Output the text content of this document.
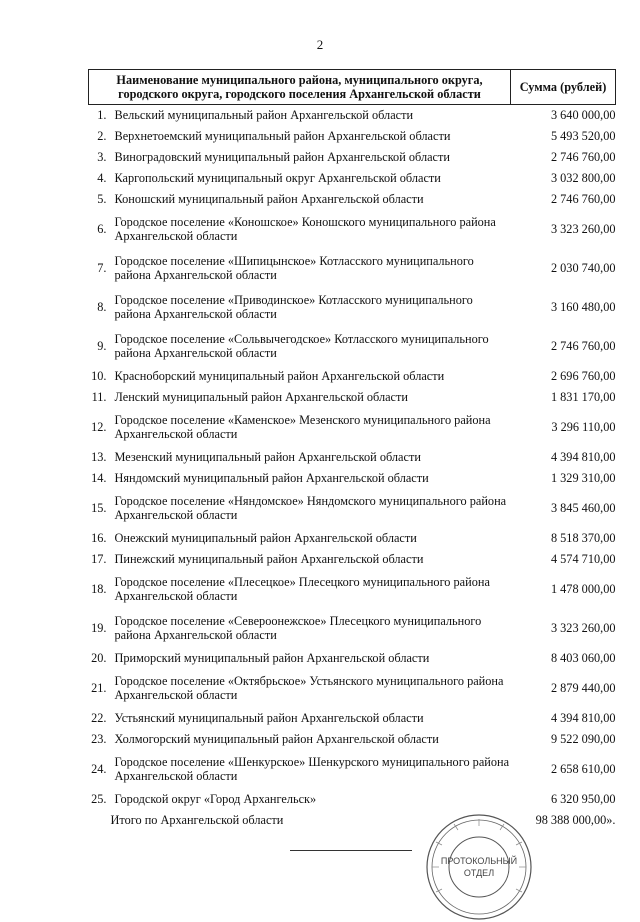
2
Наименование муниципального района, муниципального округа, городского округа, городского поселения Архангельской области		Сумма (рублей)

1.	Вельский муниципальный район Архангельской области	3 640 000,00

2.	Верхнетоемский муниципальный район Архангельской области	5 493 520,00

3.	Виноградовский муниципальный район Архангельской области	2 746 760,00

4.	Каргопольский муниципальный округ Архангельской области	3 032 800,00

5.	Коношский муниципальный район Архангельской области	2 746 760,00

6.	Городское поселение «Коношское» Коношского муниципального района Архангельской области	3 323 260,00

7.	Городское поселение «Шипицынское» Котласского муниципального района Архангельской области	2 030 740,00

8.	Городское поселение «Приводинское» Котласского муниципального района Архангельской области	3 160 480,00

9.	Городское поселение «Сольвычегодское» Котласского муниципального района Архангельской области	2 746 760,00

10.	Красноборский муниципальный район Архангельской области	2 696 760,00

11.	Ленский муниципальный район Архангельской области	1 831 170,00

12.	Городское поселение «Каменское» Мезенского муниципального района Архангельской области	3 296 110,00

13.	Мезенский муниципальный район Архангельской области	4 394 810,00

14.	Няндомский муниципальный район Архангельской области	1 329 310,00

15.	Городское поселение «Няндомское» Няндомского муниципального района Архангельской области	3 845 460,00

16.	Онежский муниципальный район Архангельской области	8 518 370,00

17.	Пинежский муниципальный район Архангельской области	4 574 710,00

18.	Городское поселение «Плесецкое» Плесецкого муниципального района Архангельской области	1 478 000,00

19.	Городское поселение «Североонежское» Плесецкого муниципального района Архангельской области	3 323 260,00

20.	Приморский муниципальный район Архангельской области	8 403 060,00

21.	Городское поселение «Октябрьское» Устьянского муниципального района Архангельской области	2 879 440,00

22.	Устьянский муниципальный район Архангельской области	4 394 810,00

23.	Холмогорский муниципальный район Архангельской области	9 522 090,00

24.	Городское поселение «Шенкурское» Шенкурского муниципального района Архангельской области	2 658 610,00

25.	Городской округ «Город Архангельск»	6 320 950,00
	Итого по Архангельской области	98 388 000,00».
ПРОТОКОЛЬНЫЙ ОТДЕЛ
